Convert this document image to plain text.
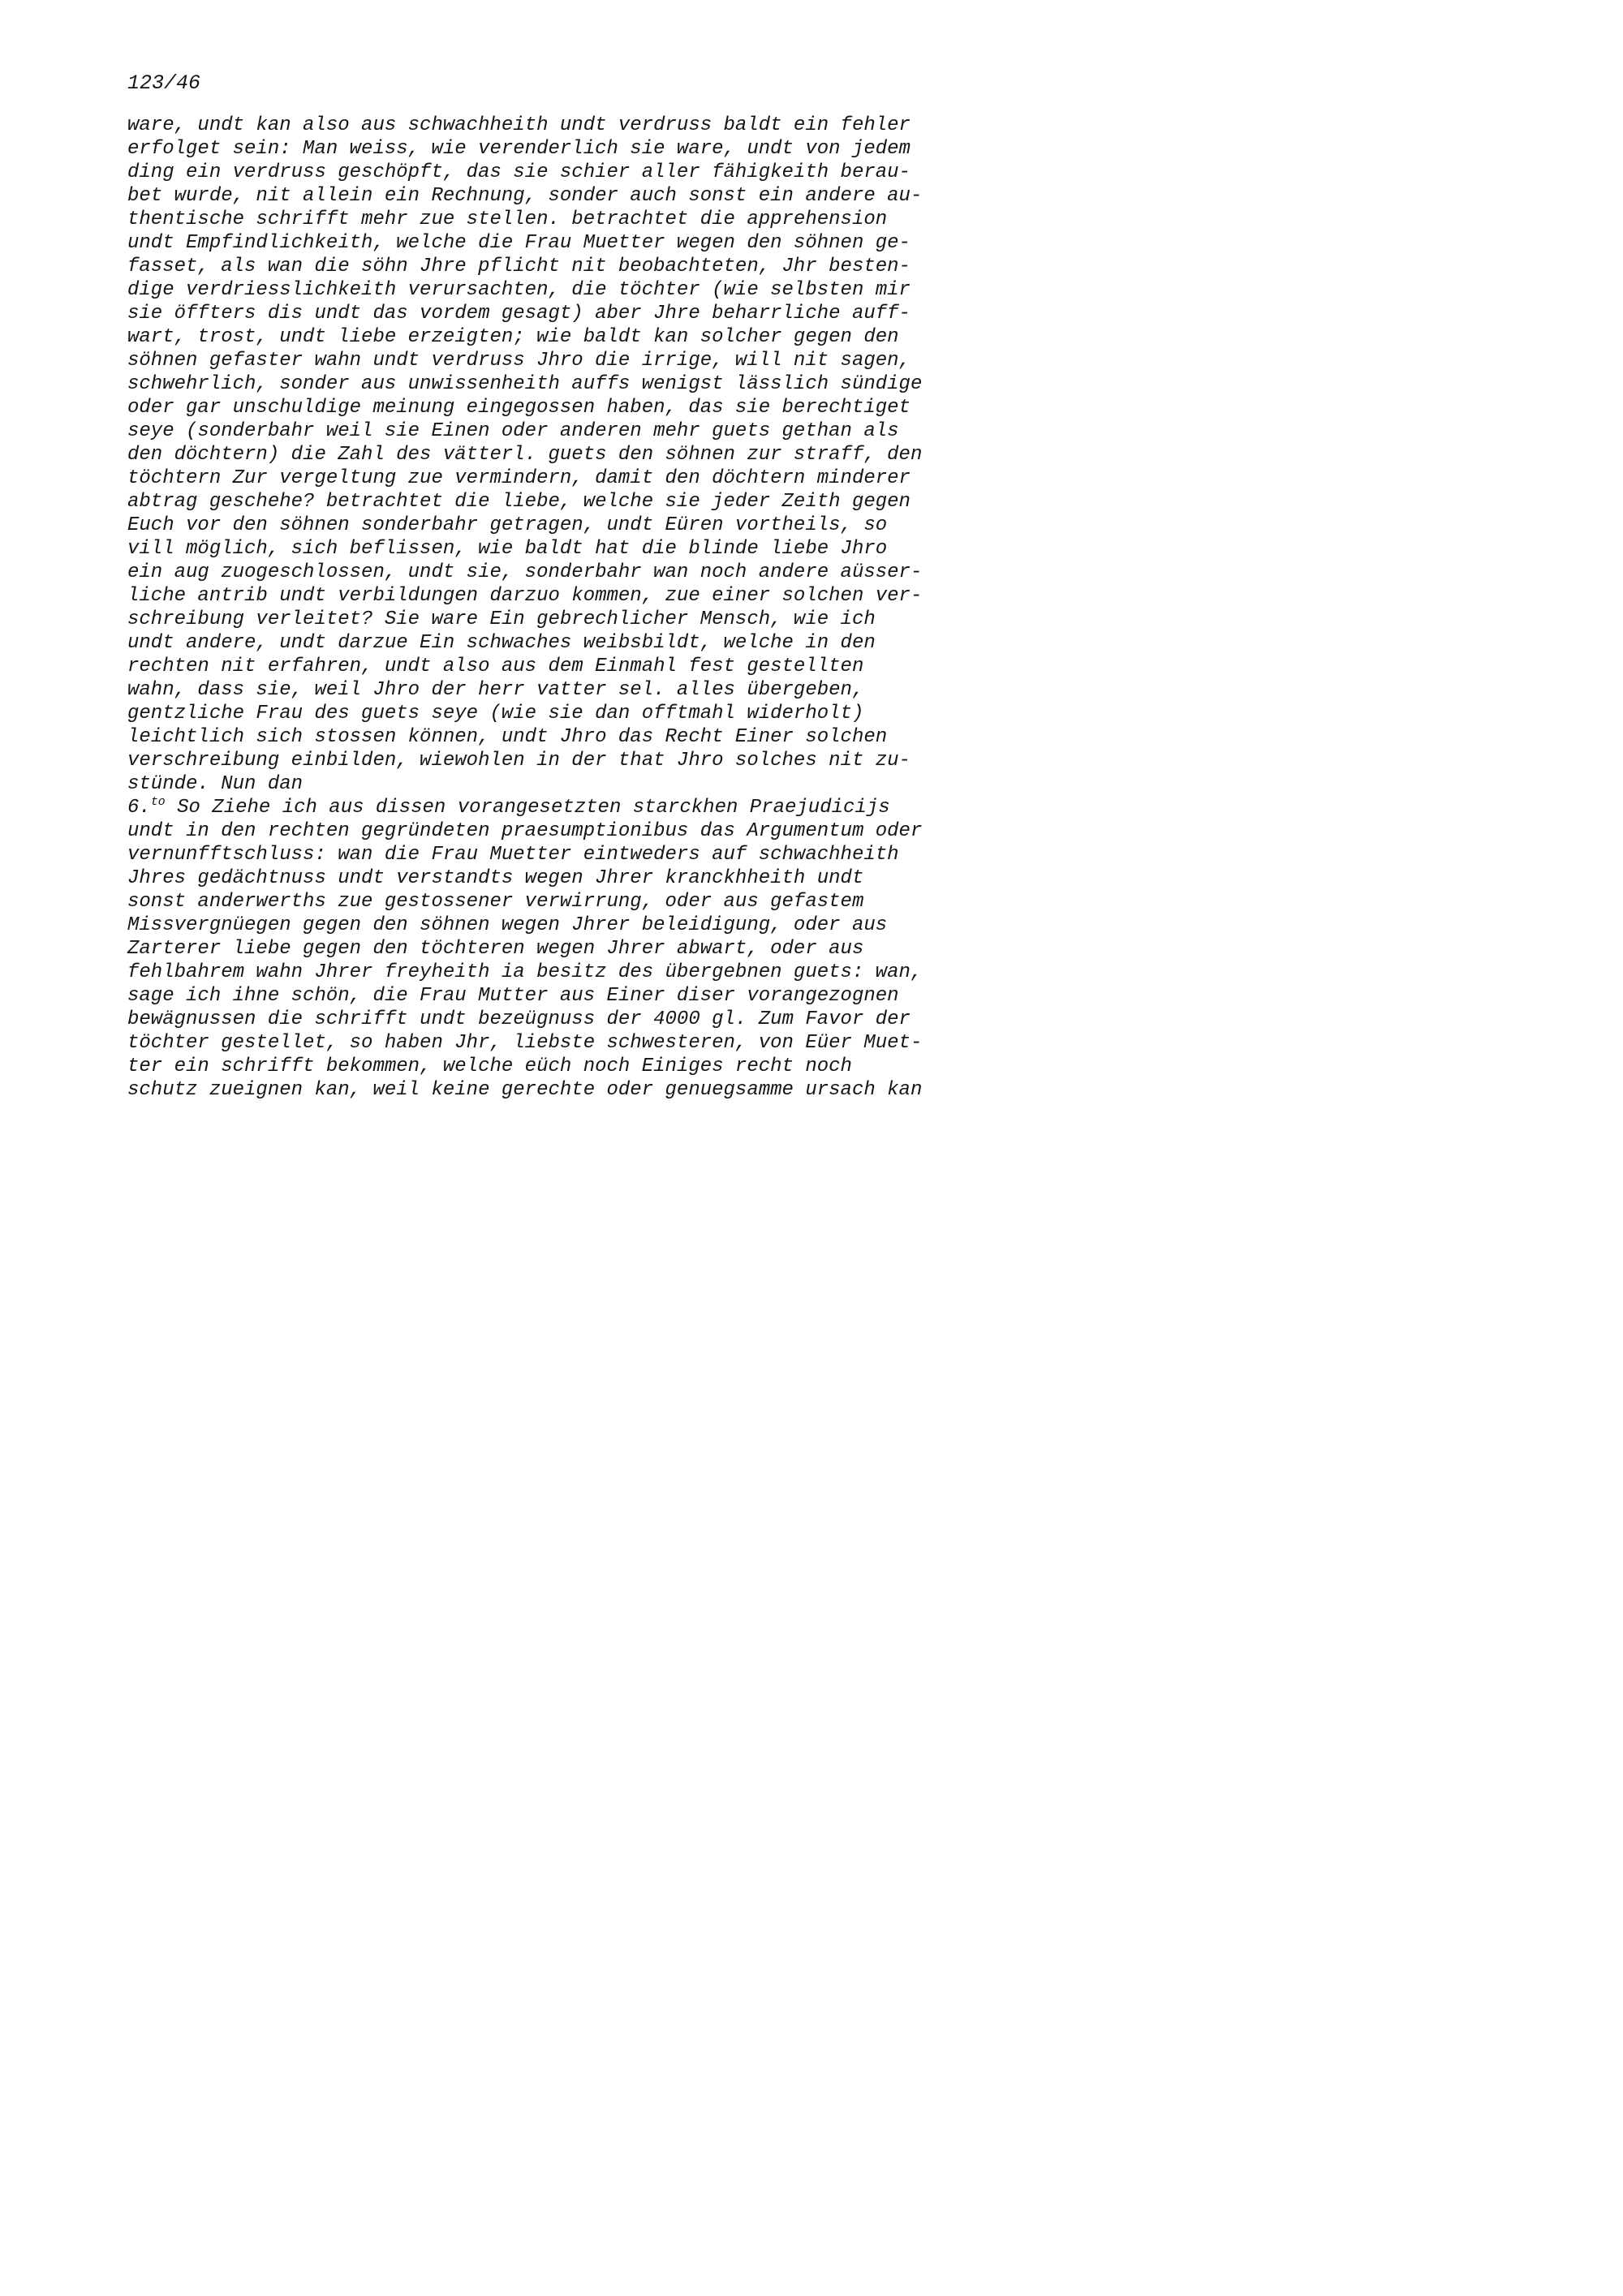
123/46
ware, undt kan also aus schwachheith undt verdruss baldt ein fehler
erfolget sein: Man weiss, wie verenderlich sie ware, undt von jedem
ding ein verdruss geschöpft, das sie schier aller fähigkeith berau-
bet wurde, nit allein ein Rechnung, sonder auch sonst ein andere au-
thentische schrifft mehr zue stellen. betrachtet die apprehension
undt Empfindlichkeith, welche die Frau Muetter wegen den söhnen ge-
fasset, als wan die söhn Jhre pflicht nit beobachteten, Jhr besten-
dige verdriesslichkeith verursachten, die töchter (wie selbsten mir
sie öffters dis undt das vordem gesagt) aber Jhre beharrliche auff-
wart, trost, undt liebe erzeigten; wie baldt kan solcher gegen den
söhnen gefaster wahn undt verdruss Jhro die irrige, will nit sagen,
schwehrlich, sonder aus unwissenheith auffs wenigst lässlich sündige
oder gar unschuldige meinung eingegossen haben, das sie berechtiget
seye (sonderbahr weil sie Einen oder anderen mehr guets gethan als
den döchtern) die Zahl des vätterl. guets den söhnen zur straff, den
töchtern Zur vergeltung zue vermindern, damit den döchtern minderer
abtrag geschehe? betrachtet die liebe, welche sie jeder Zeith gegen
Euch vor den söhnen sonderbahr getragen, undt Eüren vortheils, so
vill möglich, sich beflissen, wie baldt hat die blinde liebe Jhro
ein aug zuogeschlossen, undt sie, sonderbahr wan noch andere aüsser-
liche antrib undt verbildungen darzuo kommen, zue einer solchen ver-
schreibung verleitet? Sie ware Ein gebrechlicher Mensch, wie ich
undt andere, undt darzue Ein schwaches weibsbildt, welche in den
rechten nit erfahren, undt also aus dem Einmahl fest gestellten
wahn, dass sie, weil Jhro der herr vatter sel. alles übergeben,
gentzliche Frau des guets seye (wie sie dan offtmahl widerholt)
leichtlich sich stossen können, undt Jhro das Recht Einer solchen
verschreibung einbilden, wiewohlen in der that Jhro solches nit zu-
stünde. Nun dan
6.$^{to}$ So Ziehe ich aus dissen vorangesetzten starckhen Praejudicijs
undt in den rechten gegründeten praesumptionibus das Argumentum oder
vernunfftschluss: wan die Frau Muetter eintweders auf schwachheith
Jhres gedächtnuss undt verstandts wegen Jhrer kranckhheith undt
sonst anderwerths zue gestossener verwirrung, oder aus gefastem
Missvergnüegen gegen den söhnen wegen Jhrer beleidigung, oder aus
Zarterer liebe gegen den töchteren wegen Jhrer abwart, oder aus
fehlbahrem wahn Jhrer freyheith ia besitz des übergebnen guets: wan,
sage ich ihne schön, die Frau Mutter aus Einer diser vorangezognen
bewägnussen die schrifft undt bezeügnuss der 4000 gl. Zum Favor der
töchter gestellet, so haben Jhr, liebste schwesteren, von Eüer Muet-
ter ein schrifft bekommen, welche eüch noch Einiges recht noch
schutz zueignen kan, weil keine gerechte oder genuegsamme ursach kan
